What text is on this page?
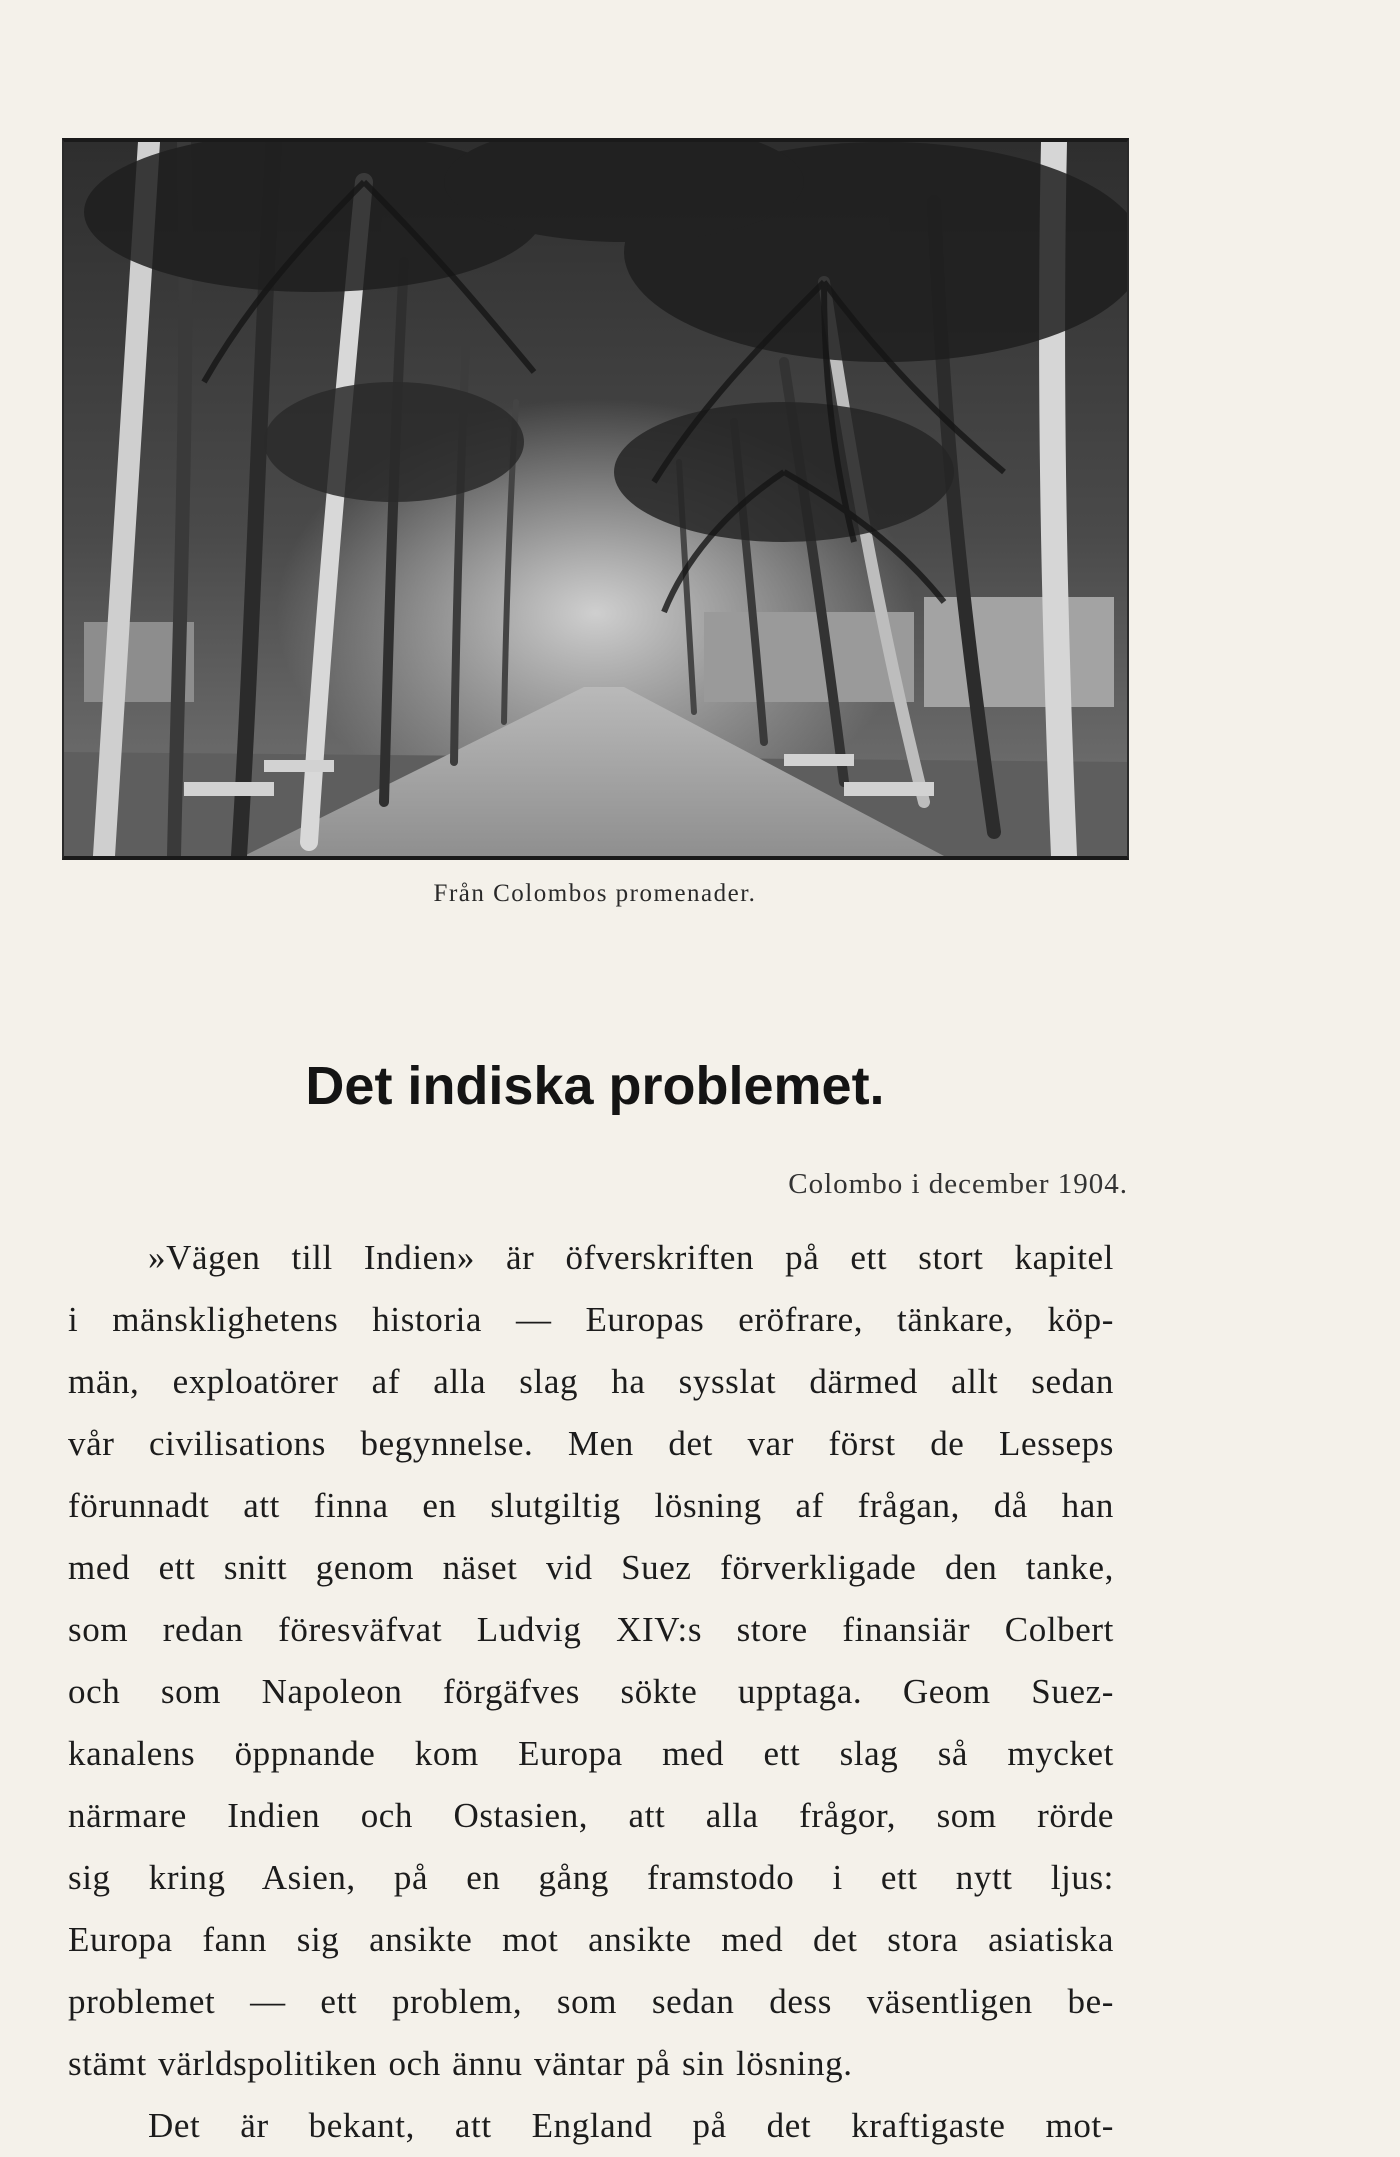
Från Colombos promenader.
Det indiska problemet.
Colombo i december 1904.
»Vägen till Indien» är öfverskriften på ett stort kapitel
i mänsklighetens historia — Europas eröfrare, tänkare, köp-
män, exploatörer af alla slag ha sysslat därmed allt sedan
vår civilisations begynnelse. Men det var först de Lesseps
förunnadt att finna en slutgiltig lösning af frågan, då han
med ett snitt genom näset vid Suez förverkligade den tanke,
som redan föresväfvat Ludvig XIV:s store finansiär Colbert
och som Napoleon förgäfves sökte upptaga. Geom Suez-
kanalens öppnande kom Europa med ett slag så mycket
närmare Indien och Ostasien, att alla frågor, som rörde
sig kring Asien, på en gång framstodo i ett nytt ljus:
Europa fann sig ansikte mot ansikte med det stora asiatiska
problemet — ett problem, som sedan dess väsentligen be-
stämt världspolitiken och ännu väntar på sin lösning.
Det är bekant, att England på det kraftigaste mot-
